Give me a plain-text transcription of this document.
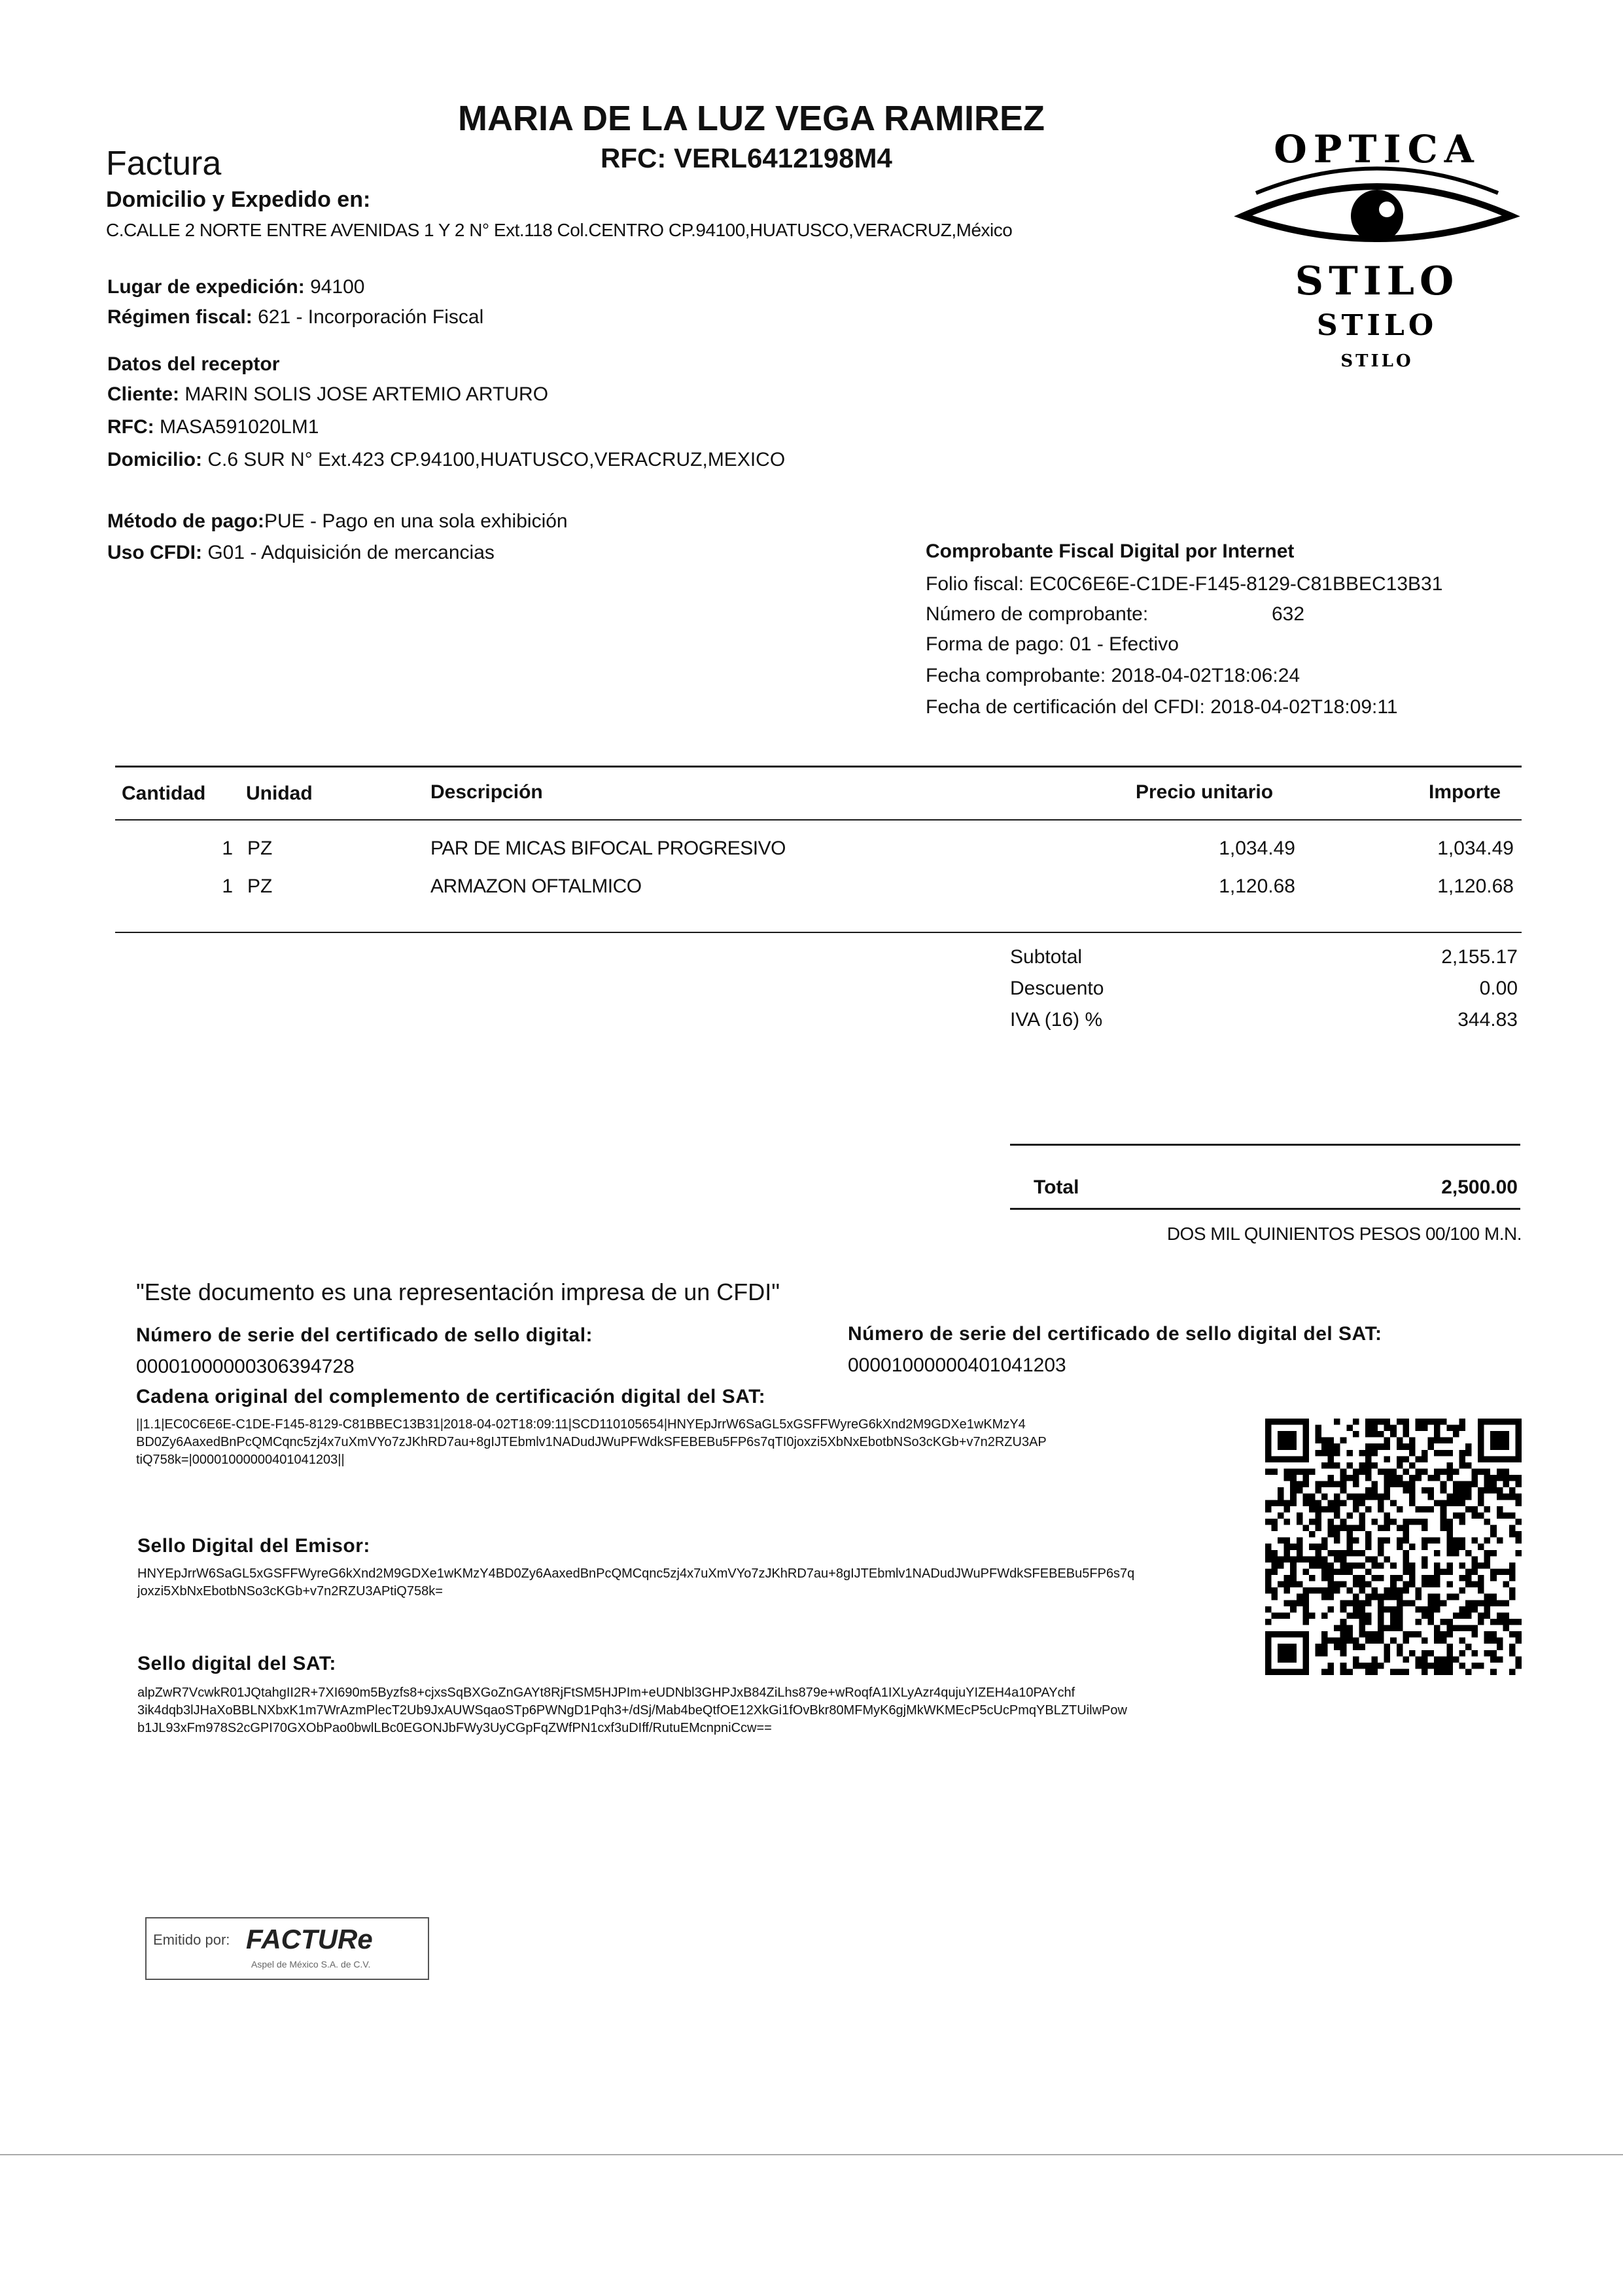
MARIA DE LA LUZ VEGA RAMIREZ
RFC: VERL6412198M4
Factura
Domicilio y Expedido en:
C.CALLE 2 NORTE ENTRE AVENIDAS 1 Y 2 N° Ext.118 Col.CENTRO CP.94100,HUATUSCO,VERACRUZ,México
Lugar de expedición: 94100
Régimen fiscal: 621 - Incorporación Fiscal
Datos del receptor
Cliente: MARIN SOLIS JOSE ARTEMIO ARTURO
RFC: MASA591020LM1
Domicilio: C.6 SUR N° Ext.423 CP.94100,HUATUSCO,VERACRUZ,MEXICO
Método de pago:PUE - Pago en una sola exhibición
Uso CFDI: G01 - Adquisición de mercancias	Comprobante Fiscal Digital por Internet
Folio fiscal: EC0C6E6E-C1DE-F145-8129-C81BBEC13B31
Número de comprobante:	632
Forma de pago: 01 - Efectivo
Fecha comprobante: 2018-04-02T18:06:24
Fecha de certificación del CFDI: 2018-04-02T18:09:11
OPTICA
STILO
STILO
STILO
Cantidad Unidad	Descripción	Precio unitario	Importe
1 PZ	PAR DE MICAS BIFOCAL PROGRESIVO	1,034.49	1,034.49
1 PZ	ARMAZON OFTALMICO	1,120.68	1,120.68
Subtotal	2,155.17
Descuento	0.00
IVA (16) %	344.83
Total	2,500.00
DOS MIL QUINIENTOS PESOS 00/100 M.N.
"Este documento es una representación impresa de un CFDI"
Número de serie del certificado de sello digital:
00001000000306394728
Número de serie del certificado de sello digital del SAT:
00001000000401041203
Cadena original del complemento de certificación digital del SAT:
||1.1|EC0C6E6E-C1DE-F145-8129-C81BBEC13B31|2018-04-02T18:09:11|SCD110105654|HNYEpJrrW6SaGL5xGSFFWyreG6kXnd2M9GDXe1wKMzY4
BD0Zy6AaxedBnPcQMCqnc5zj4x7uXmVYo7zJKhRD7au+8gIJTEbmlv1NADudJWuPFWdkSFEBEBu5FP6s7qTI0joxzi5XbNxEbotbNSo3cKGb+v7n2RZU3AP
tiQ758k=|00001000000401041203||
Sello Digital del Emisor:
HNYEpJrrW6SaGL5xGSFFWyreG6kXnd2M9GDXe1wKMzY4BD0Zy6AaxedBnPcQMCqnc5zj4x7uXmVYo7zJKhRD7au+8gIJTEbmlv1NADudJWuPFWdkSFEBEBu5FP6s7q
joxzi5XbNxEbotbNSo3cKGb+v7n2RZU3APtiQ758k=
Sello digital del SAT:
alpZwR7VcwkR01JQtahgII2R+7XI690m5Byzfs8+cjxsSqBXGoZnGAYt8RjFtSM5HJPIm+eUDNbl3GHPJxB84ZiLhs879e+wRoqfA1IXLyAzr4qujuYIZEH4a10PAYchf
3ik4dqb3lJHaXoBBLNXbxK1m7WrAzmPlecT2Ub9JxAUWSqaoSTp6PWNgD1Pqh3+/dSj/Mab4beQtfOE12XkGi1fOvBkr80MFMyK6gjMkWKMEcP5cUcPmqYBLZTUilwPow
b1JL93xFm978S2cGPI70GXObPao0bwlLBc0EGONJbFWy3UyCGpFqZWfPN1cxf3uDIff/RutuEMcnpniCcw==
Emitido por: FACTURe
Aspel de México S.A. de C.V.
